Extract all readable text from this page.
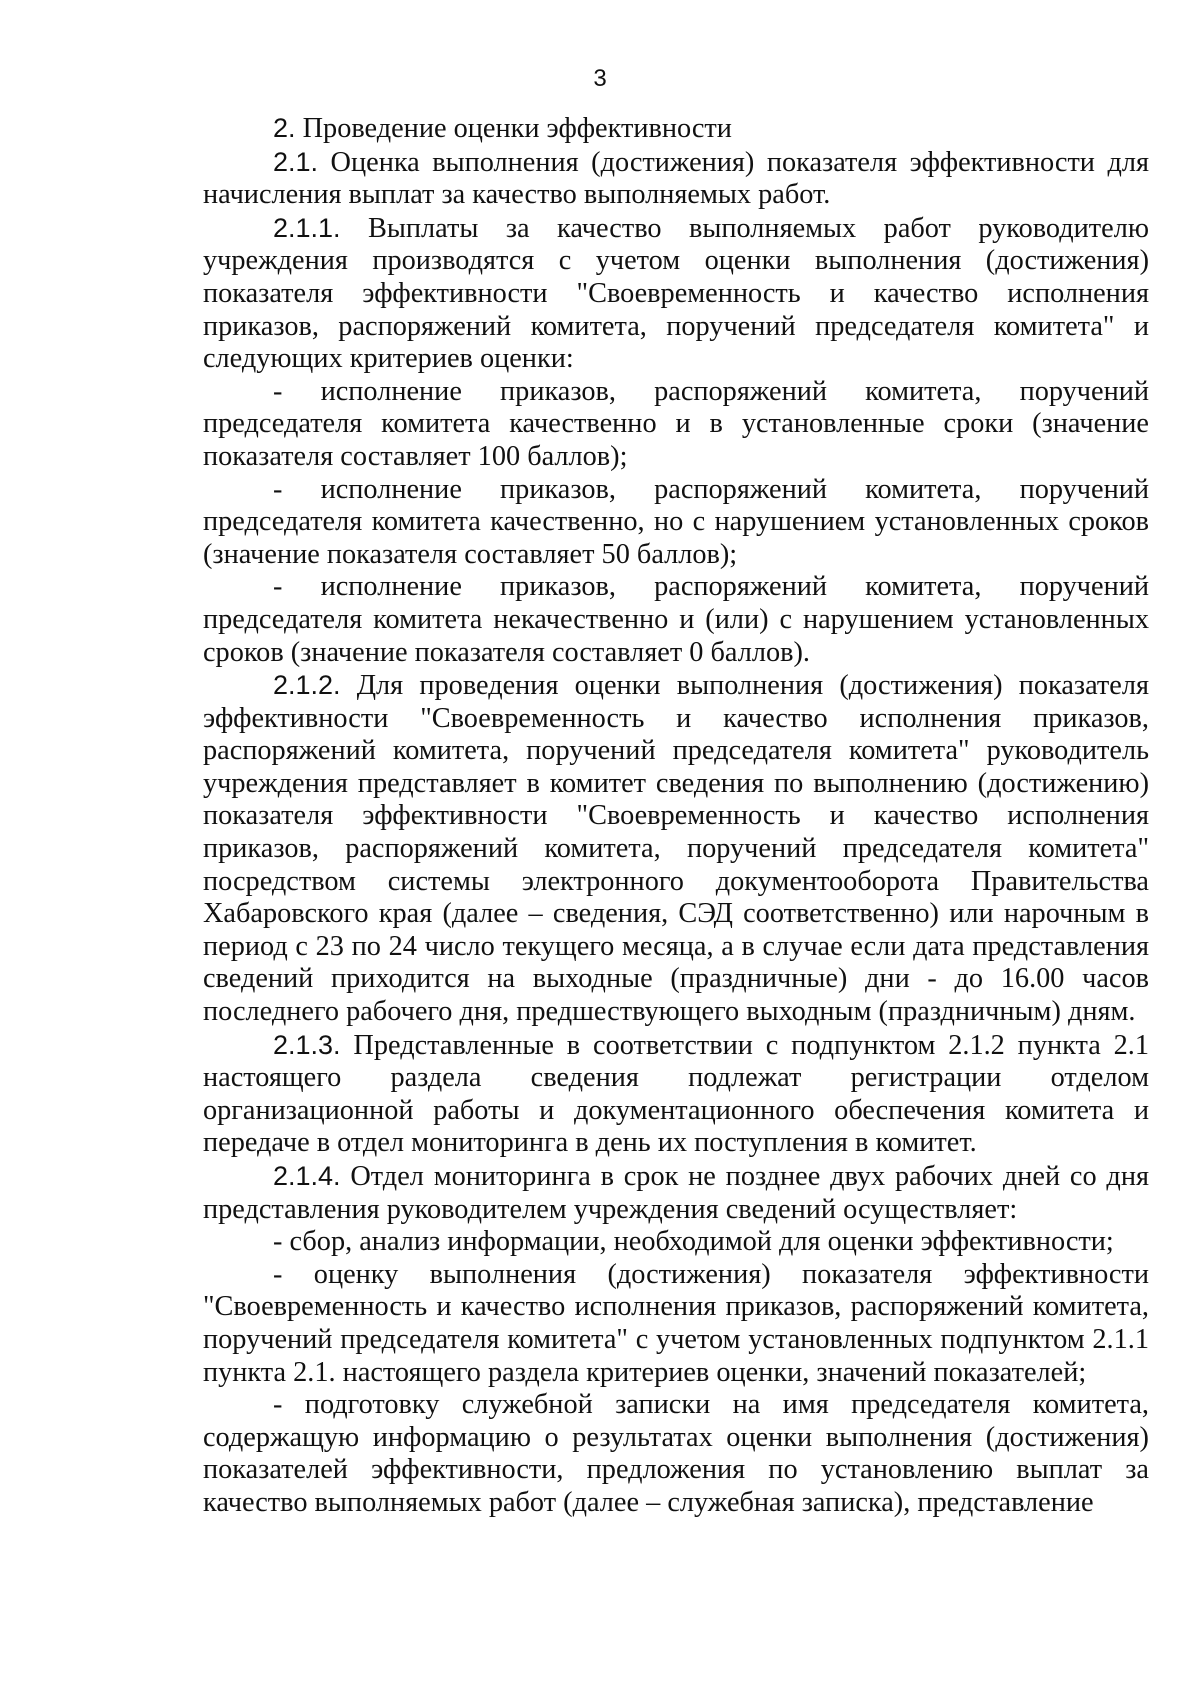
3

2. Проведение оценки эффективности

2.1. Оценка выполнения (достижения) показателя эффективности для начисления выплат за качество выполняемых работ.

2.1.1. Выплаты за качество выполняемых работ руководителю учреждения производятся с учетом оценки выполнения (достижения) показателя эффективности "Своевременность и качество исполнения приказов, распоряжений комитета, поручений председателя комитета" и следующих критериев оценки:

- исполнение приказов, распоряжений комитета, поручений председателя комитета качественно и в установленные сроки (значение показателя составляет 100 баллов);

- исполнение приказов, распоряжений комитета, поручений председателя комитета качественно, но с нарушением установленных сроков (значение показателя составляет 50 баллов);

- исполнение приказов, распоряжений комитета, поручений председателя комитета некачественно и (или) с нарушением установленных сроков (значение показателя составляет 0 баллов).

2.1.2. Для проведения оценки выполнения (достижения) показателя эффективности "Своевременность и качество исполнения приказов, распоряжений комитета, поручений председателя комитета" руководитель учреждения представляет в комитет сведения по выполнению (достижению) показателя эффективности "Своевременность и качество исполнения приказов, распоряжений комитета, поручений председателя комитета" посредством системы электронного документооборота Правительства Хабаровского края (далее – сведения, СЭД соответственно) или нарочным в период с 23 по 24 число текущего месяца, а в случае если дата представления сведений приходится на выходные (праздничные) дни - до 16.00 часов последнего рабочего дня, предшествующего выходным (праздничным) дням.

2.1.3. Представленные в соответствии с подпунктом 2.1.2 пункта 2.1 настоящего раздела сведения подлежат регистрации отделом организационной работы и документационного обеспечения комитета и передаче в отдел мониторинга в день их поступления в комитет.

2.1.4. Отдел мониторинга в срок не позднее двух рабочих дней со дня представления руководителем учреждения сведений осуществляет:

- сбор, анализ информации, необходимой для оценки эффективности;

- оценку выполнения (достижения) показателя эффективности "Своевременность и качество исполнения приказов, распоряжений комитета, поручений председателя комитета" с учетом установленных подпунктом 2.1.1 пункта 2.1. настоящего раздела критериев оценки, значений показателей;

- подготовку служебной записки на имя председателя комитета, содержащую информацию о результатах оценки выполнения (достижения) показателей эффективности, предложения по установлению выплат за качество выполняемых работ (далее – служебная записка), представление
